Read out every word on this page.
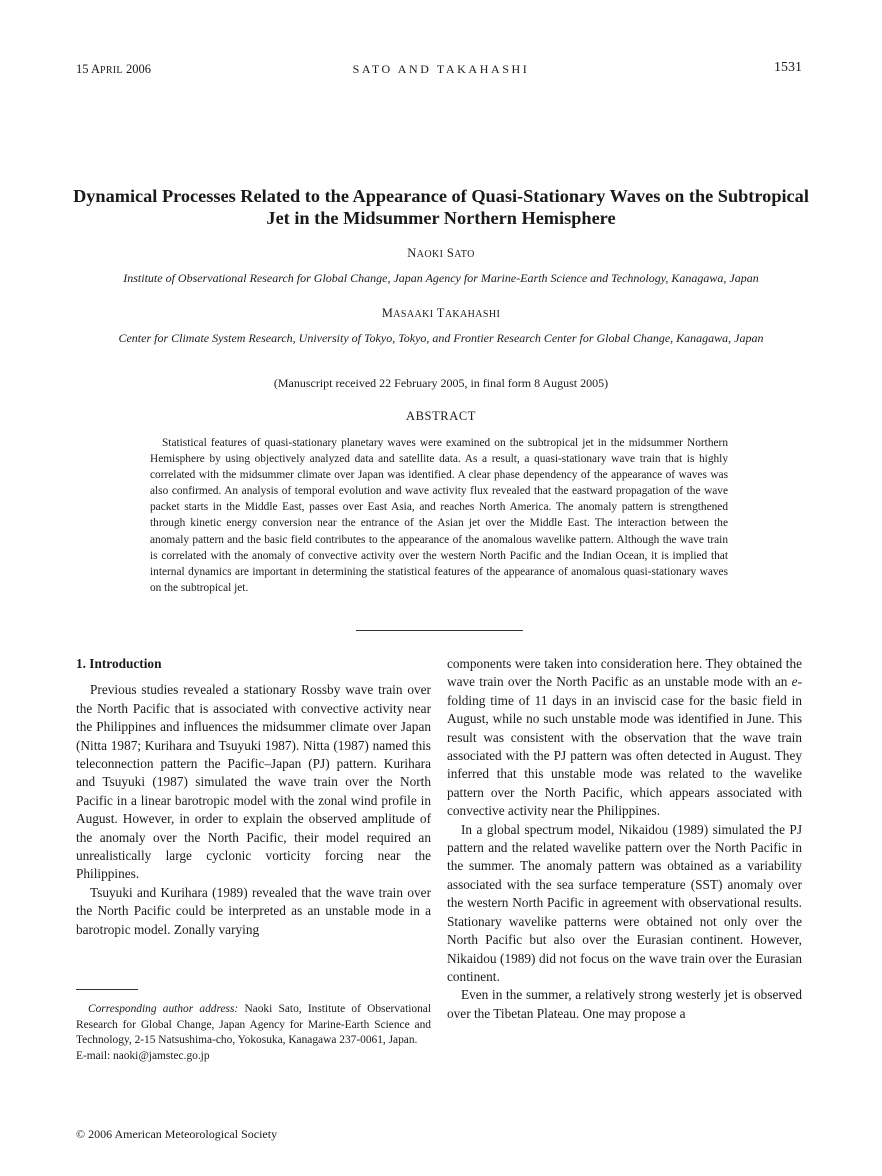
15 APRIL 2006	SATO AND TAKAHASHI	1531
Dynamical Processes Related to the Appearance of Quasi-Stationary Waves on the Subtropical Jet in the Midsummer Northern Hemisphere
NAOKI SATO
Institute of Observational Research for Global Change, Japan Agency for Marine-Earth Science and Technology, Kanagawa, Japan
MASAAKI TAKAHASHI
Center for Climate System Research, University of Tokyo, Tokyo, and Frontier Research Center for Global Change, Kanagawa, Japan
(Manuscript received 22 February 2005, in final form 8 August 2005)
ABSTRACT
Statistical features of quasi-stationary planetary waves were examined on the subtropical jet in the midsummer Northern Hemisphere by using objectively analyzed data and satellite data. As a result, a quasi-stationary wave train that is highly correlated with the midsummer climate over Japan was identified. A clear phase dependency of the appearance of waves was also confirmed. An analysis of temporal evolution and wave activity flux revealed that the eastward propagation of the wave packet starts in the Middle East, passes over East Asia, and reaches North America. The anomaly pattern is strengthened through kinetic energy conversion near the entrance of the Asian jet over the Middle East. The interaction between the anomaly pattern and the basic field contributes to the appearance of the anomalous wavelike pattern. Although the wave train is correlated with the anomaly of convective activity over the western North Pacific and the Indian Ocean, it is implied that internal dynamics are important in determining the statistical features of the appearance of anomalous quasi-stationary waves on the subtropical jet.
1. Introduction

Previous studies revealed a stationary Rossby wave train over the North Pacific that is associated with convective activity near the Philippines and influences the midsummer climate over Japan (Nitta 1987; Kurihara and Tsuyuki 1987). Nitta (1987) named this teleconnection pattern the Pacific–Japan (PJ) pattern. Kurihara and Tsuyuki (1987) simulated the wave train over the North Pacific in a linear barotropic model with the zonal wind profile in August. However, in order to explain the observed amplitude of the anomaly over the North Pacific, their model required an unrealistically large cyclonic vorticity forcing near the Philippines.

Tsuyuki and Kurihara (1989) revealed that the wave train over the North Pacific could be interpreted as an unstable mode in a barotropic model. Zonally varying

components were taken into consideration here. They obtained the wave train over the North Pacific as an unstable mode with an e-folding time of 11 days in an inviscid case for the basic field in August, while no such unstable mode was identified in June. This result was consistent with the observation that the wave train associated with the PJ pattern was often detected in August. They inferred that this unstable mode was related to the wavelike pattern over the North Pacific, which appears associated with convective activity near the Philippines.

In a global spectrum model, Nikaidou (1989) simulated the PJ pattern and the related wavelike pattern over the North Pacific in the summer. The anomaly pattern was obtained as a variability associated with the sea surface temperature (SST) anomaly over the western North Pacific in agreement with observational results. Stationary wavelike patterns were obtained not only over the North Pacific but also over the Eurasian continent. However, Nikaidou (1989) did not focus on the wave train over the Eurasian continent.

Even in the summer, a relatively strong westerly jet is observed over the Tibetan Plateau. One may propose a

Corresponding author address: Naoki Sato, Institute of Observational Research for Global Change, Japan Agency for Marine-Earth Science and Technology, 2-15 Natsushima-cho, Yokosuka, Kanagawa 237-0061, Japan.
E-mail: naoki@jamstec.go.jp
© 2006 American Meteorological Society
